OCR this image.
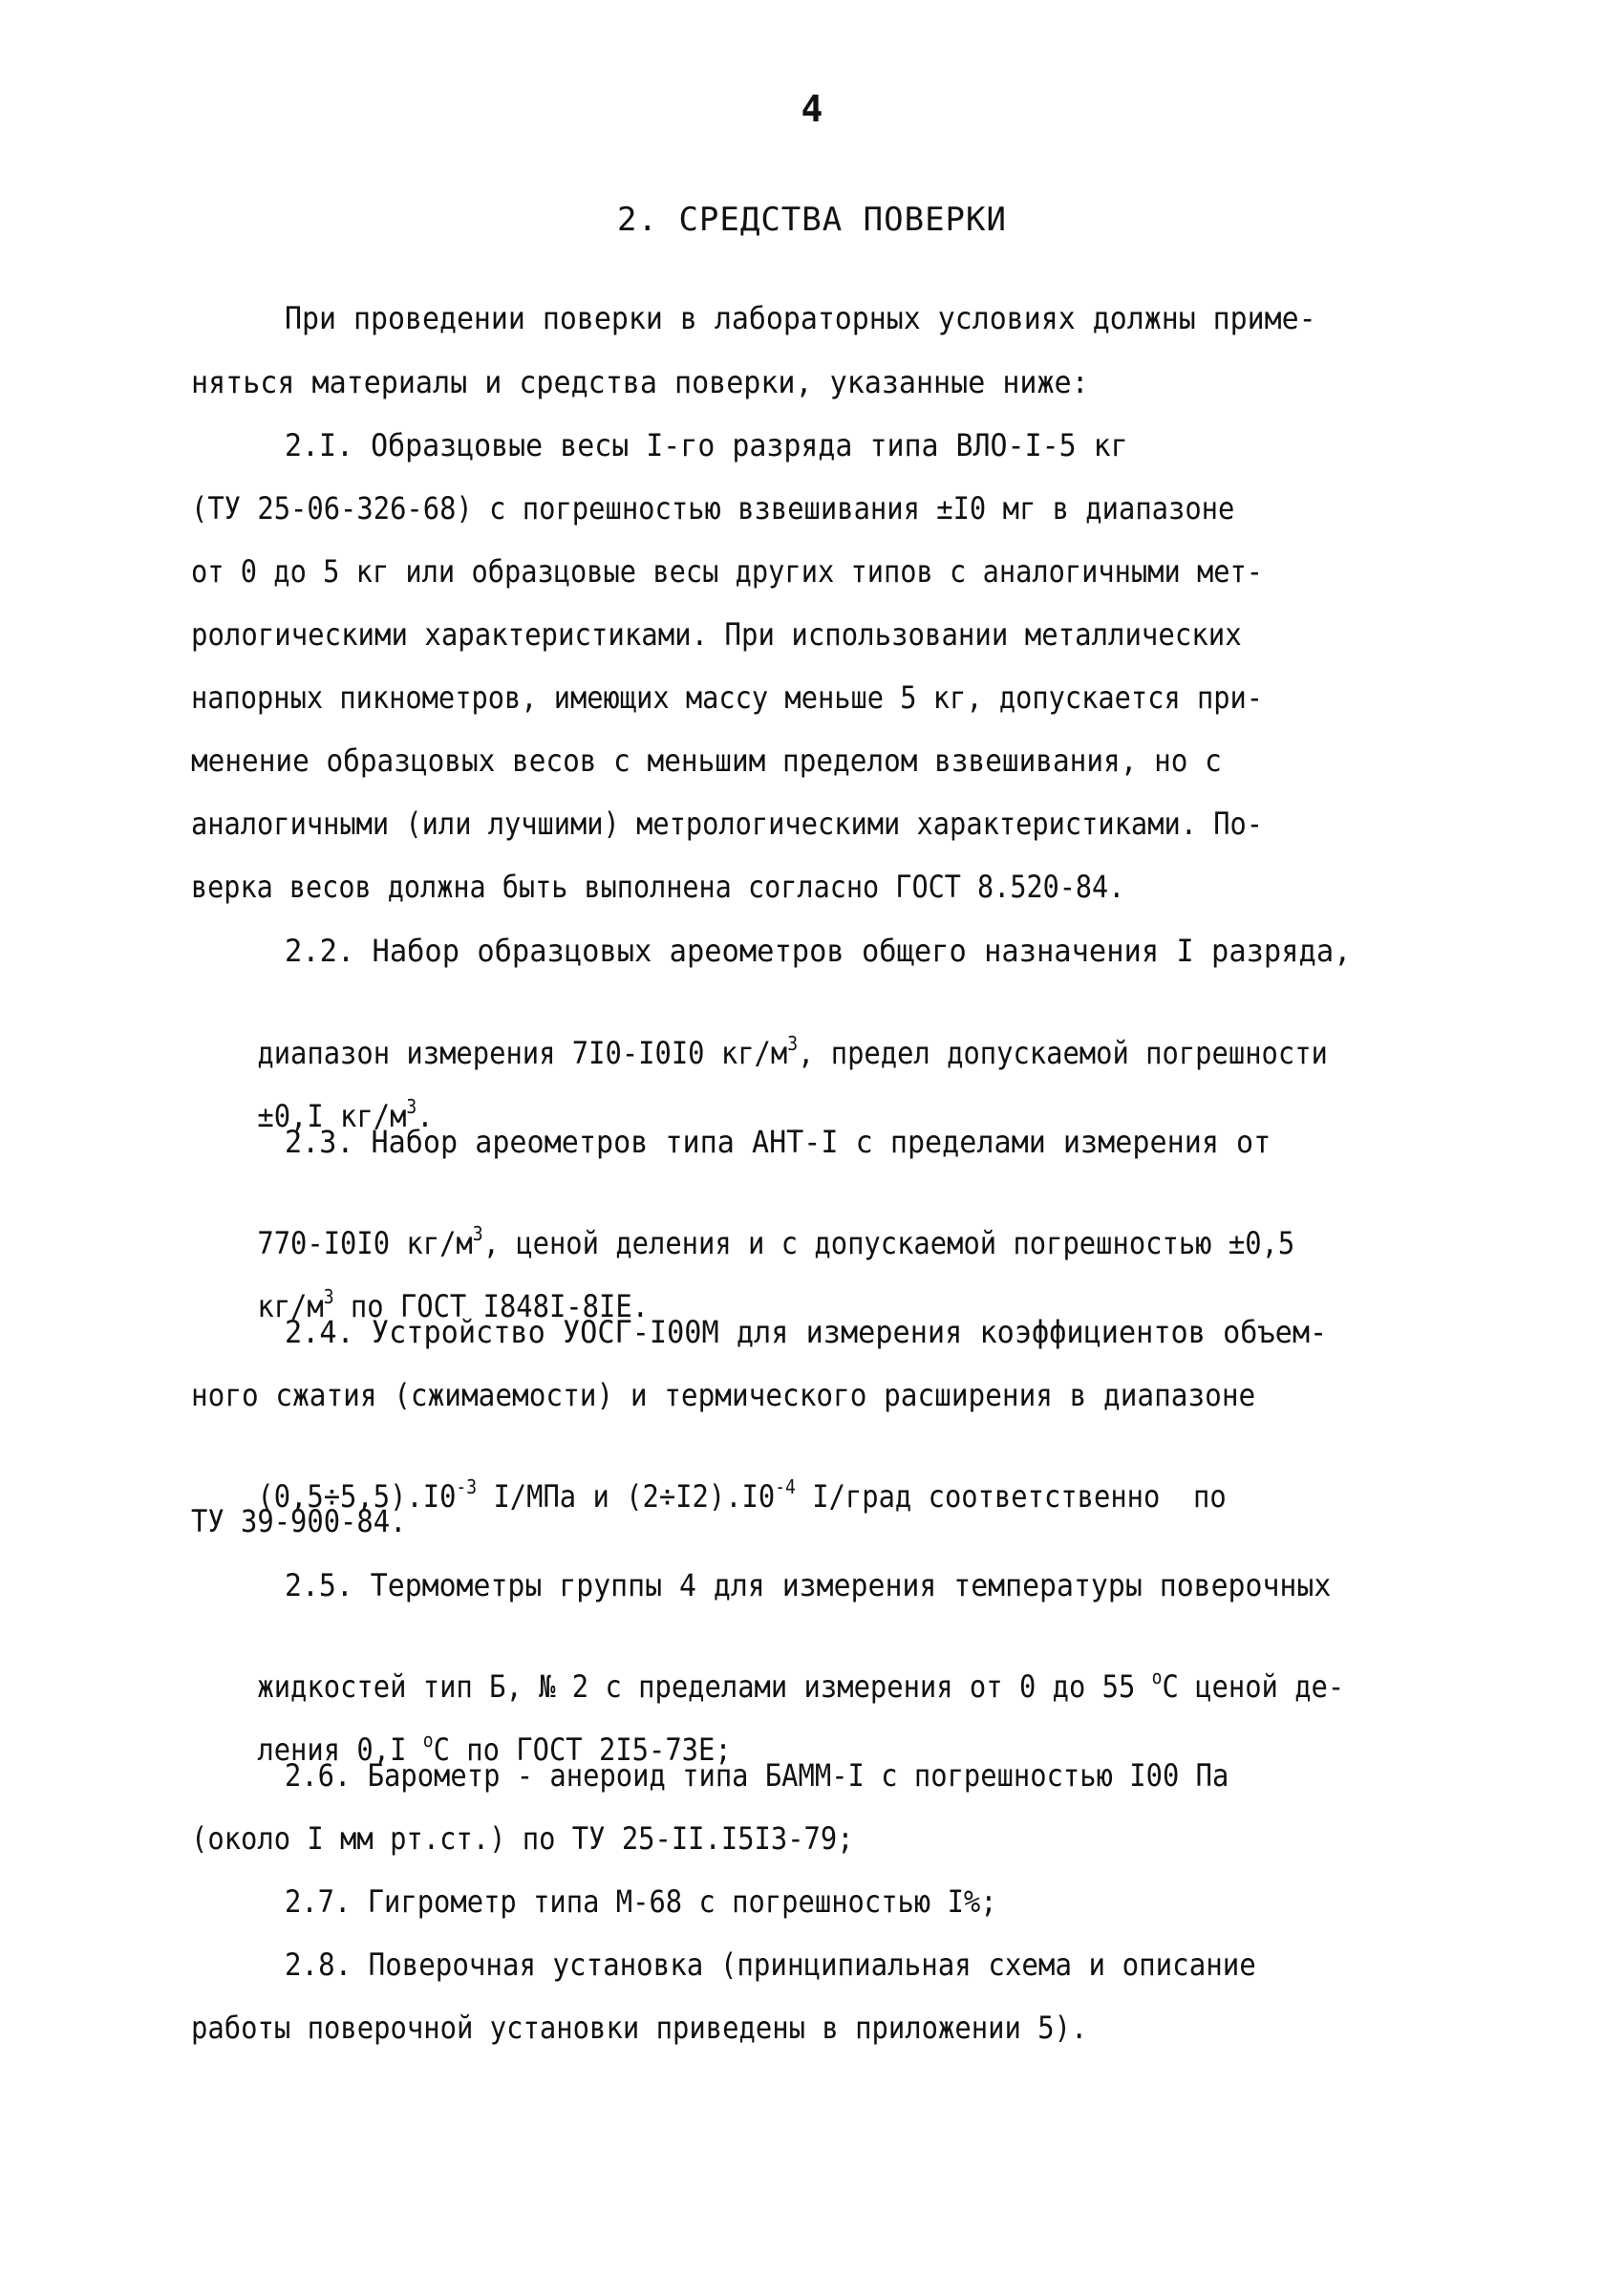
4
2. СРЕДСТВА ПОВЕРКИ
При проведении поверки в лабораторных условиях должны приме-
няться материалы и средства поверки, указанные ниже:
2.I. Образцовые весы I-го разряда типа ВЛО-I-5 кг
(ТУ 25-06-326-68) с погрешностью взвешивания ±I0 мг в диапазоне
от 0 до 5 кг или образцовые весы других типов с аналогичными мет-
рологическими характеристиками. При использовании металлических
напорных пикнометров, имеющих массу меньше 5 кг, допускается при-
менение образцовых весов с меньшим пределом взвешивания, но с
аналогичными (или лучшими) метрологическими характеристиками. По-
верка весов должна быть выполнена согласно ГОСТ 8.520-84.
2.2. Набор образцовых ареометров общего назначения I разряда,

диапазон измерения 7I0-I0I0 $кг/м^3$, предел допускаемой погрешности

±0,I $кг/м^3$.

2.3. Набор ареометров типа АНТ-I с пределами измерения от

770-I0I0 $кг/м^3$, ценой деления и с допускаемой погрешностью ±0,5

$кг/м^3$ по ГОСТ I848I-8IЕ.

2.4. Устройство УОСГ-I00М для измерения коэффициентов объем-
ного сжатия (сжимаемости) и термического расширения в диапазоне

$(0,5\div 5,5).I0^{-3}$ I/МПа и $(2\div I2).I0^{-4}$ I/град соответственно  по

ТУ 39-900-84.
2.5. Термометры группы 4 для измерения температуры поверочных

жидкостей тип Б, № 2 с пределами измерения от 0 до 55 $^o$С ценой де-

ления 0,I $^o$С по ГОСТ 2I5-73Е;

2.6. Барометр - анероид типа БАММ-I с погрешностью I00 Па
(около I мм рт.ст.) по ТУ 25-II.I5I3-79;
2.7. Гигрометр типа М-68 с погрешностью I%;
2.8. Поверочная установка (принципиальная схема и описание
работы поверочной установки приведены в приложении 5).
